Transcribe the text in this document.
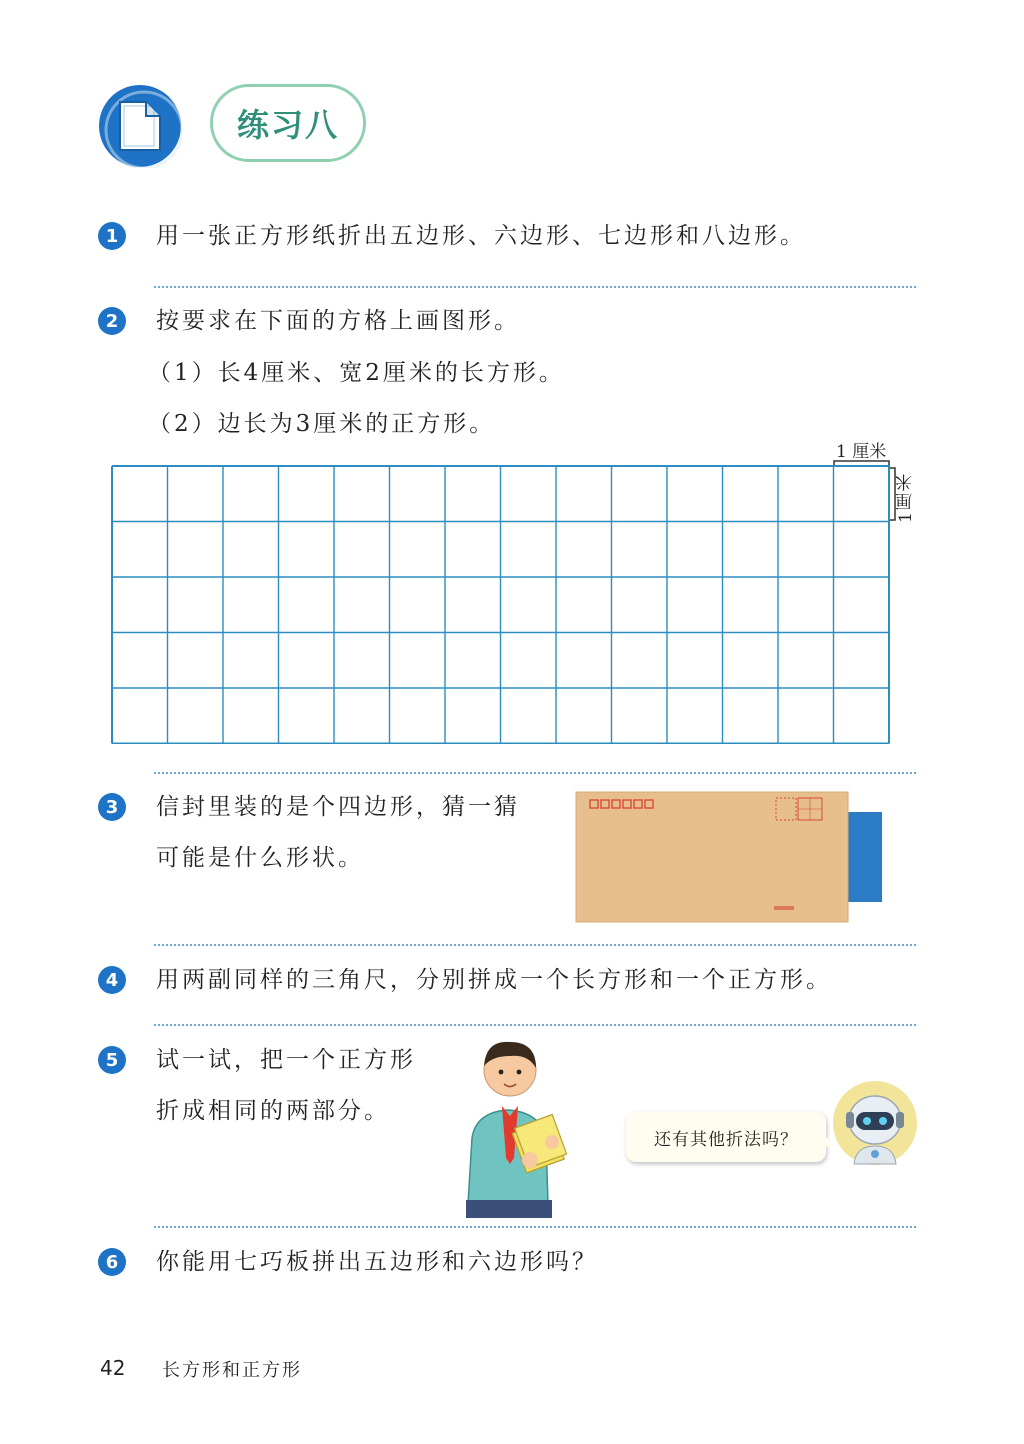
练习八
1	用一张正方形纸折出五边形、六边形、七边形和八边形。
2	按要求在下面的方格上画图形。
（1）长4厘米、宽2厘米的长方形。
（2）边长为3厘米的正方形。
1 厘米
1厘米
3	信封里装的是个四边形，猜一猜
可能是什么形状。
4	用两副同样的三角尺，分别拼成一个长方形和一个正方形。
5	试一试，把一个正方形
折成相同的两部分。
还有其他折法吗？
6	你能用七巧板拼出五边形和六边形吗？
42 长方形和正方形
